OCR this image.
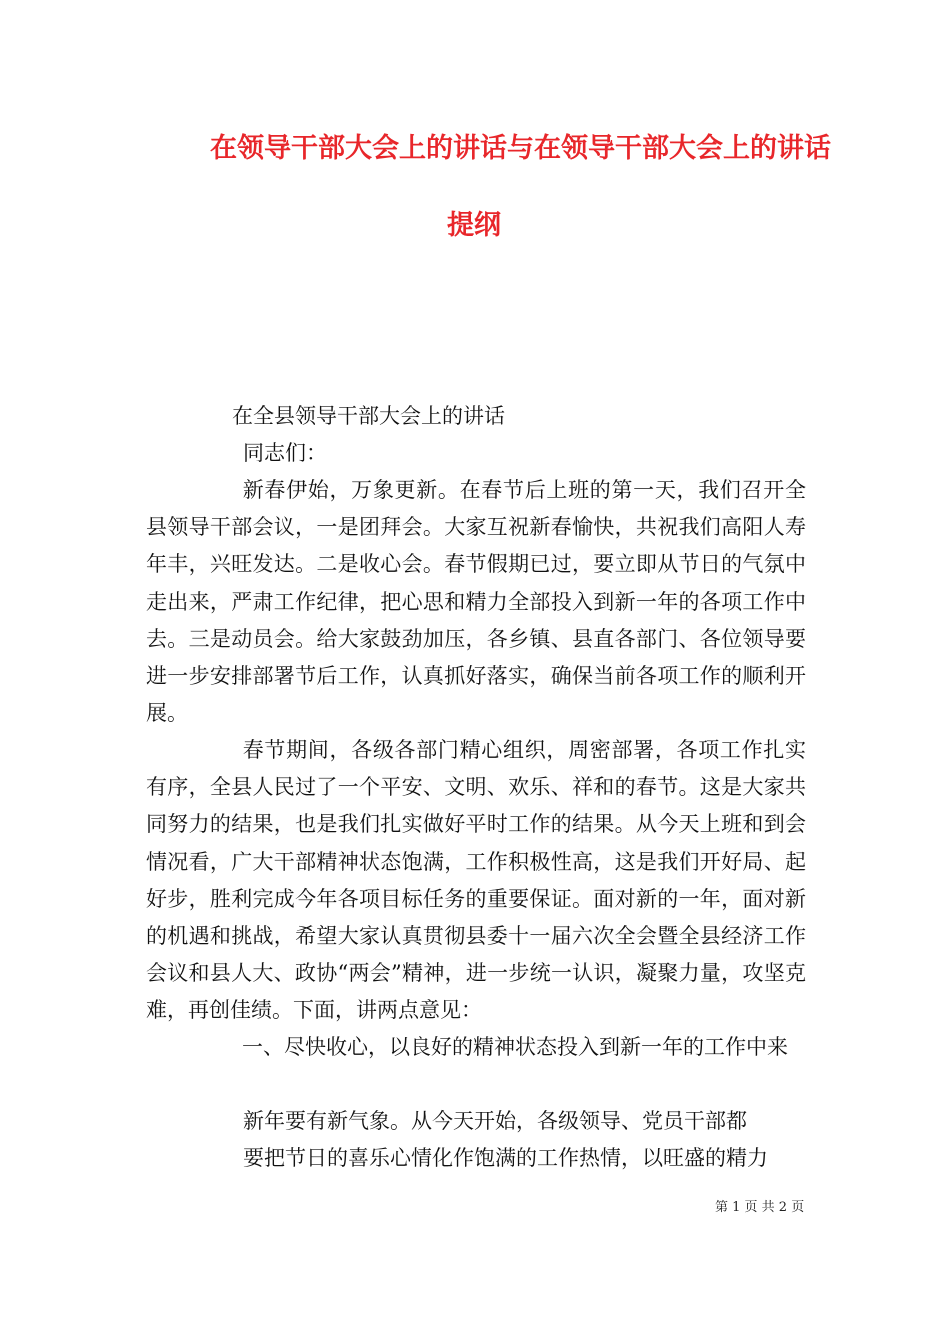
在领导干部大会上的讲话与在领导干部大会上的讲话
提纲

在全县领导干部大会上的讲话

同志们：

新春伊始，万象更新。在春节后上班的第一天，我们召开全县领导干部会议，一是团拜会。大家互祝新春愉快，共祝我们高阳人寿年丰，兴旺发达。二是收心会。春节假期已过，要立即从节日的气氛中走出来，严肃工作纪律，把心思和精力全部投入到新一年的各项工作中去。三是动员会。给大家鼓劲加压，各乡镇、县直各部门、各位领导要进一步安排部署节后工作，认真抓好落实，确保当前各项工作的顺利开展。

春节期间，各级各部门精心组织，周密部署，各项工作扎实有序，全县人民过了一个平安、文明、欢乐、祥和的春节。这是大家共同努力的结果，也是我们扎实做好平时工作的结果。从今天上班和到会情况看，广大干部精神状态饱满，工作积极性高，这是我们开好局、起好步，胜利完成今年各项目标任务的重要保证。面对新的一年，面对新的机遇和挑战，希望大家认真贯彻县委十一届六次全会暨全县经济工作会议和县人大、政协“两会”精神，进一步统一认识，凝聚力量，攻坚克难，再创佳绩。下面，讲两点意见：

一、尽快收心，以良好的精神状态投入到新一年的工作中来

新年要有新气象。从今天开始，各级领导、党员干部都

要把节日的喜乐心情化作饱满的工作热情，以旺盛的精力

第 1 页 共 2 页
